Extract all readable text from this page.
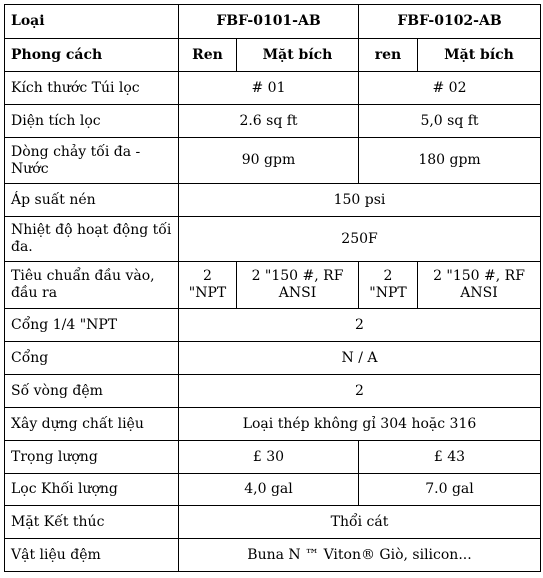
Loại	FBF-0101-AB		FBF-0102-AB	
Phong cách	Ren	Mặt bích	ren	Mặt bích
Kích thước Túi lọc	# 01		# 02	
Diện tích lọc	2.6 sq ft		5,0 sq ft	
Dòng chảy tối đa - Nước	90 gpm		180 gpm	
Áp suất nén	150 psi			
Nhiệt độ hoạt động tối đa.	250F			
Tiêu chuẩn đầu vào, đầu ra	2 "NPT	2 "150 #, RF ANSI	2 "NPT	2 "150 #, RF ANSI
Cổng 1/4 "NPT	2			
Cổng	N / A			
Số vòng đệm	2			
Xây dựng chất liệu	Loại thép không gỉ 304 hoặc 316			
Trọng lượng	£ 30		£ 43	
Lọc Khối lượng	4,0 gal		7.0 gal	
Mặt Kết thúc	Thổi cát			
Vật liệu đệm	Buna N ™ Viton® Giò, silicon...			
